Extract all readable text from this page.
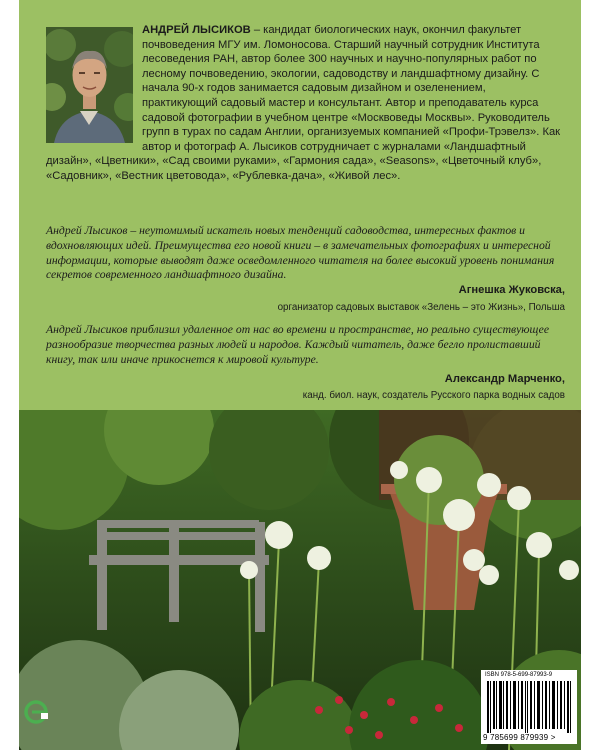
АНДРЕЙ ЛЫСИКОВ – кандидат биологических наук, окончил факультет почвоведения МГУ им. Ломоносова. Старший научный сотрудник Института лесоведения РАН, автор более 300 научных и научно-популярных работ по лесному почвоведению, экологии, садоводству и ландшафтному дизайну. С начала 90-х годов занимается садовым дизайном и озеленением, практикующий садовый мастер и консультант. Автор и преподаватель курса садовой фотографии в учебном центре «Москвоведы Москвы». Руководитель групп в турах по садам Англии, организуемых компанией «Профи-Трэвелз». Как автор и фотограф А. Лысиков сотрудничает с журналами «Ландшафтный дизайн», «Цветники», «Сад своими руками», «Гармония сада», «Seasons», «Цветочный клуб», «Садовник», «Вестник цветовода», «Рублевка-дача», «Живой лес».
Андрей Лысиков – неутомимый искатель новых тенденций садоводства, интересных фактов и вдохновляющих идей. Преимущества его новой книги – в замечательных фотографиях и интересной информации, которые выводят даже осведомленного читателя на более высокий уровень понимания секретов современного ландшафтного дизайна.
Агнешка Жуковска,
организатор садовых выставок «Зелень – это Жизнь», Польша
Андрей Лысиков приблизил удаленное от нас во времени и пространстве, но реально существующее разнообразие творчества разных людей и народов. Каждый читатель, даже бегло пролиставший книгу, так или иначе прикоснется к мировой культуре.
Александр Марченко,
канд. биол. наук, создатель Русского парка водных садов
ISBN 978-5-699-87993-9
9 785699 879939 >
